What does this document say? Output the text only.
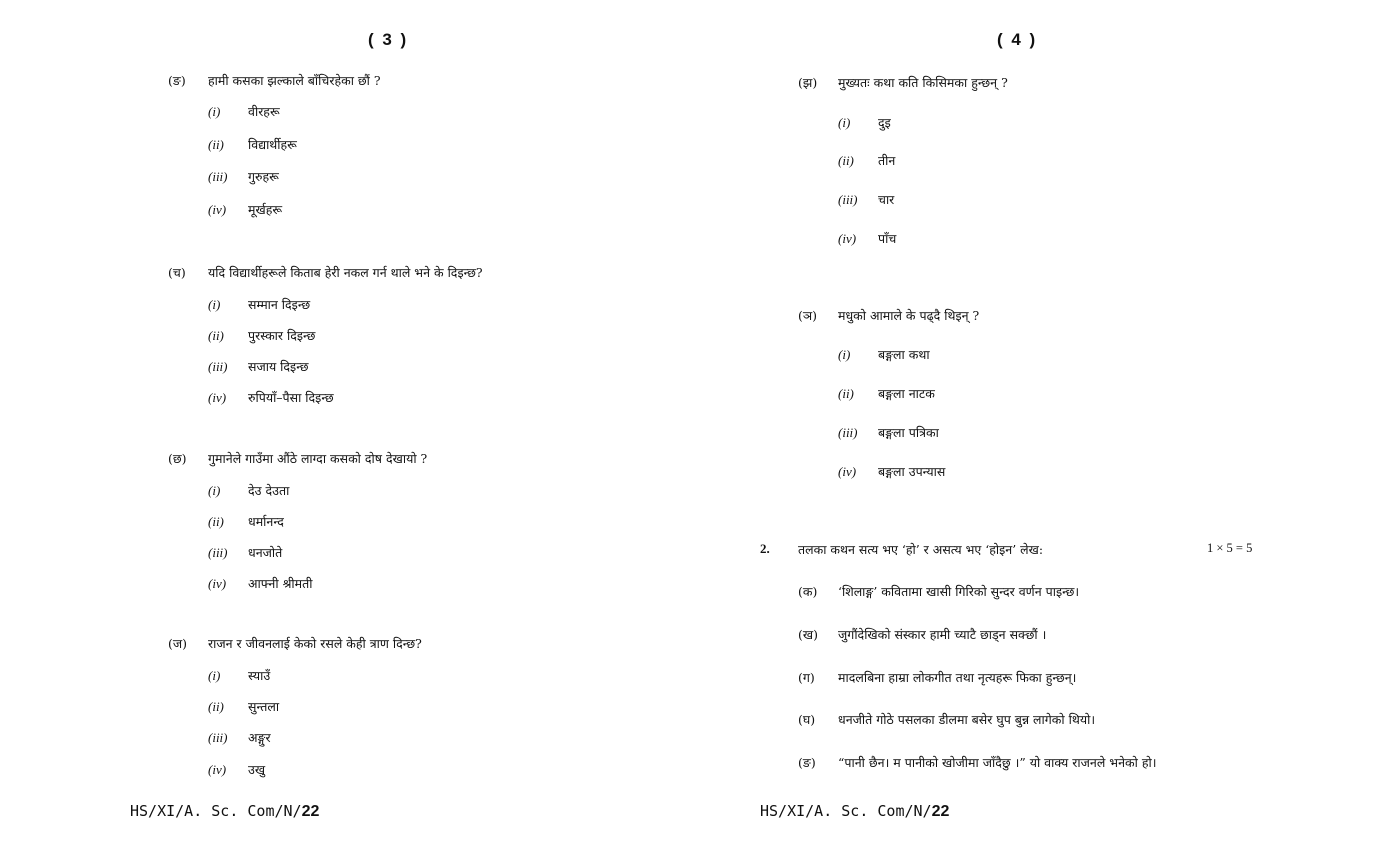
( 3 )
(ङ) हामी कसका झल्काले बाँचिरहेका छौं ?
(i) वीरहरू
(ii) विद्यार्थीहरू
(iii) गुरुहरू
(iv) मूर्खहरू
(च) यदि विद्यार्थीहरूले किताब हेरी नकल गर्न थाले भने के दिइन्छ?
(i) सम्मान दिइन्छ
(ii) पुरस्कार दिइन्छ
(iii) सजाय दिइन्छ
(iv) रुपियाँ–पैसा दिइन्छ
(छ) गुमानेले गाउँमा औंठे लाग्दा कसको दोष देखायो ?
(i) देउ देउता
(ii) धर्मानन्द
(iii) धनजोते
(iv) आफ्नी श्रीमती
(ज) राजन र जीवनलाई केको रसले केही त्राण दिन्छ?
(i) स्याउँ
(ii) सुन्तला
(iii) अङ्गुर
(iv) उखु
HS/XI/A. Sc. Com/N/22
( 4 )
(झ) मुख्यतः कथा कति किसिमका हुन्छन् ?
(i) दुइ
(ii) तीन
(iii) चार
(iv) पाँच
(ञ) मधुको आमाले के पढ्दै थिइन् ?
(i) बङ्गला कथा
(ii) बङ्गला नाटक
(iii) बङ्गला पत्रिका
(iv) बङ्गला उपन्यास
2. तलका कथन सत्य भए ‘हो’ र असत्य भए ‘होइन’ लेख:	1 × 5 = 5
(क) ‘शिलाङ्ग’ कवितामा खासी गिरिको सुन्दर वर्णन पाइन्छ।
(ख) जुगौंदेखिको संस्कार हामी च्याटै छाड्न सक्छौं ।
(ग) मादलबिना हाम्रा लोकगीत तथा नृत्यहरू फिका हुन्छन्।
(घ) धनजीते गोठे पसलका डीलमा बसेर घुप बुन्न लागेको थियो।
(ङ) “पानी छैन। म पानीको खोजीमा जाँदैछु ।” यो वाक्य राजनले भनेको हो।
HS/XI/A. Sc. Com/N/22
